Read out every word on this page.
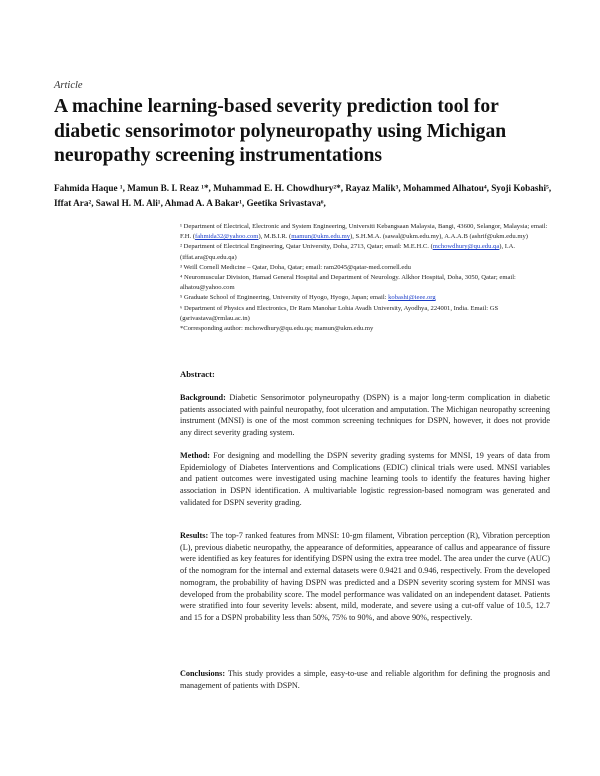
Article
A machine learning-based severity prediction tool for diabetic sensorimotor polyneuropathy using Michigan neuropathy screening instrumentations

Fahmida Haque ¹, Mamun B. I. Reaz ¹*, Muhammad E. H. Chowdhury²*, Rayaz Malik³, Mohammed Alhatou⁴, Syoji Kobashi⁵, Iffat Ara², Sawal H. M. Ali¹, Ahmad A. A Bakar¹, Geetika Srivastava⁶,

¹ Department of Electrical, Electronic and System Engineering, Universiti Kebangsaan Malaysia, Bangi, 43600, Selangor, Malaysia; email: F.H. (fahmida32@yahoo.com), M.B.I.R. (mamun@ukm.edu.my), S.H.M.A. (sawal@ukm.edu.my), A.A.A.B (ashrif@ukm.edu.my)

² Department of Electrical Engineering, Qatar University, Doha, 2713, Qatar; email: M.E.H.C. (mchowdhury@qu.edu.qa), I.A. (iffat.ara@qu.edu.qa)

³ Weill Cornell Medicine – Qatar, Doha, Qatar; email: ram2045@qatar-med.cornell.edu

⁴ Neuromuscular Division, Hamad General Hospital and Department of Neurology. Alkhor Hospital, Doha, 3050, Qatar; email: alhatou@yahoo.com

⁵ Graduate School of Engineering, University of Hyogo, Hyogo, Japan; email: kobashi@ieee.org

⁶ Department of Physics and Electronics, Dr Ram Manohar Lohia Avadh University, Ayodhya, 224001, India. Email: GS (gsrivastava@rmlau.ac.in)

*Corresponding author: mchowdhury@qu.edu.qa; mamun@ukm.edu.my

Abstract:

Background: Diabetic Sensorimotor polyneuropathy (DSPN) is a major long-term complication in diabetic patients associated with painful neuropathy, foot ulceration and amputation. The Michigan neuropathy screening instrument (MNSI) is one of the most common screening techniques for DSPN, however, it does not provide any direct severity grading system.

Method: For designing and modelling the DSPN severity grading systems for MNSI, 19 years of data from Epidemiology of Diabetes Interventions and Complications (EDIC) clinical trials were used. MNSI variables and patient outcomes were investigated using machine learning tools to identify the features having higher association in DSPN identification. A multivariable logistic regression-based nomogram was generated and validated for DSPN severity grading.

Results: The top-7 ranked features from MNSI: 10-gm filament, Vibration perception (R), Vibration perception (L), previous diabetic neuropathy, the appearance of deformities, appearance of callus and appearance of fissure were identified as key features for identifying DSPN using the extra tree model. The area under the curve (AUC) of the nomogram for the internal and external datasets were 0.9421 and 0.946, respectively. From the developed nomogram, the probability of having DSPN was predicted and a DSPN severity scoring system for MNSI was developed from the probability score. The model performance was validated on an independent dataset. Patients were stratified into four severity levels: absent, mild, moderate, and severe using a cut-off value of 10.5, 12.7 and 15 for a DSPN probability less than 50%, 75% to 90%, and above 90%, respectively.

Conclusions: This study provides a simple, easy-to-use and reliable algorithm for defining the prognosis and management of patients with DSPN.
